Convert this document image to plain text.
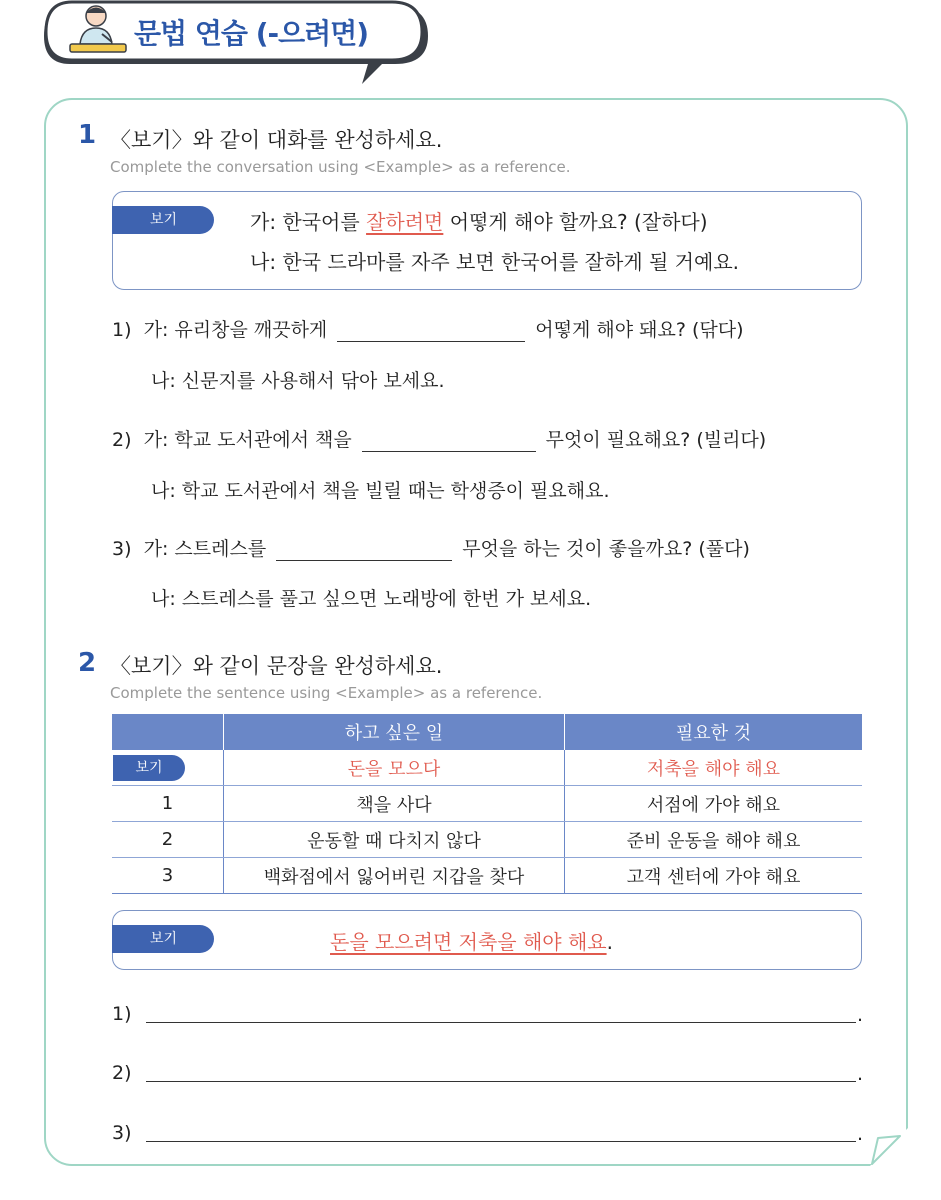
문법 연습 (-으려면)
1 〈보기〉와 같이 대화를 완성하세요.
Complete the conversation using <Example> as a reference.
보기	가: 한국어를 잘하려면 어떻게 해야 할까요? (잘하다)
나: 한국 드라마를 자주 보면 한국어를 잘하게 될 거예요.
1) 가: 유리창을 깨끗하게	어떻게 해야 돼요? (닦다)
나: 신문지를 사용해서 닦아 보세요.
2) 가: 학교 도서관에서 책을	무엇이 필요해요? (빌리다)
나: 학교 도서관에서 책을 빌릴 때는 학생증이 필요해요.
3) 가: 스트레스를	무엇을 하는 것이 좋을까요? (풀다)
나: 스트레스를 풀고 싶으면 노래방에 한번 가 보세요.
2 〈보기〉와 같이 문장을 완성하세요.
Complete the sentence using <Example> as a reference.
	하고 싶은 일	필요한 것
보기	돈을 모으다	저축을 해야 해요
1	책을 사다	서점에 가야 해요
2	운동할 때 다치지 않다	준비 운동을 해야 해요
3	백화점에서 잃어버린 지갑을 찾다	고객 센터에 가야 해요
보기	돈을 모으려면 저축을 해야 해요.
1)	.
2)	.
3)	.
